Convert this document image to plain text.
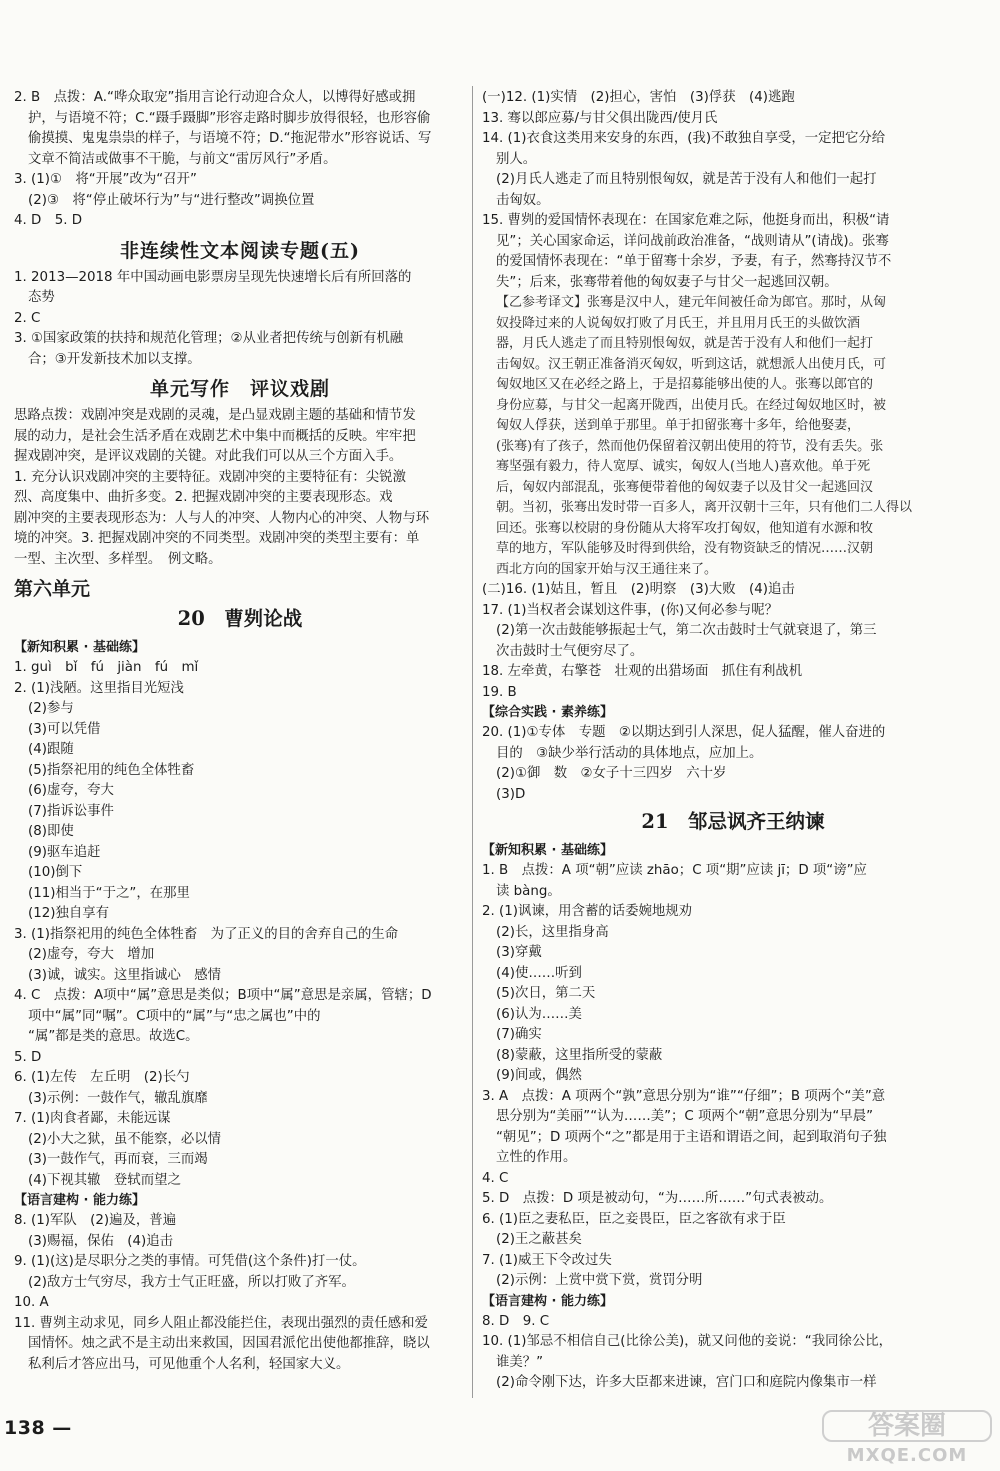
2. B　点拨：A.“哗众取宠”指用言论行动迎合众人，以博得好感或拥
护，与语境不符；C.“蹑手蹑脚”形容走路时脚步放得很轻，也形容偷
偷摸摸、鬼鬼祟祟的样子，与语境不符；D.“拖泥带水”形容说话、写
文章不简洁或做事不干脆，与前文“雷厉风行”矛盾。
3. (1)①　将“开展”改为“召开”
(2)③　将“停止破坏行为”与“进行整改”调换位置
4. D　5. D
非连续性文本阅读专题(五)
1. 2013—2018 年中国动画电影票房呈现先快速增长后有所回落的
态势
2. C
3. ①国家政策的扶持和规范化管理；②从业者把传统与创新有机融
合；③开发新技术加以支撑。
单元写作　评议戏剧
思路点拨：戏剧冲突是戏剧的灵魂，是凸显戏剧主题的基础和情节发
展的动力，是社会生活矛盾在戏剧艺术中集中而概括的反映。牢牢把
握戏剧冲突，是评议戏剧的关键。对此我们可以从三个方面入手。
1. 充分认识戏剧冲突的主要特征。戏剧冲突的主要特征有：尖锐激
烈、高度集中、曲折多变。2. 把握戏剧冲突的主要表现形态。戏
剧冲突的主要表现形态为：人与人的冲突、人物内心的冲突、人物与环
境的冲突。3. 把握戏剧冲突的不同类型。戏剧冲突的类型主要有：单
一型、主次型、多样型。　例文略。
第六单元
20　曹刿论战
【新知积累 · 基础练】
1. guì　bǐ　fú　jiàn　fú　mǐ
2. (1)浅陋。这里指目光短浅
(2)参与
(3)可以凭借
(4)跟随
(5)指祭祀用的纯色全体牲畜
(6)虚夸，夸大
(7)指诉讼事件
(8)即使
(9)驱车追赶
(10)倒下
(11)相当于“于之”，在那里
(12)独自享有
3. (1)指祭祀用的纯色全体牲畜　为了正义的目的舍弃自己的生命
(2)虚夸，夸大　增加
(3)诚，诚实。这里指诚心　感情
4. C　点拨：A项中“属”意思是类似；B项中“属”意思是亲属，管辖；D
项中“属”同“嘱”。C项中的“属”与“忠之属也”中的
“属”都是类的意思。故选C。
5. D
6. (1)左传　左丘明　(2)长勺
(3)示例：一鼓作气，辙乱旗靡
7. (1)肉食者鄙，未能远谋
(2)小大之狱，虽不能察，必以情
(3)一鼓作气，再而衰，三而竭
(4)下视其辙　登轼而望之
【语言建构 · 能力练】
8. (1)军队　(2)遍及，普遍
(3)赐福，保佑　(4)追击
9. (1)(这)是尽职分之类的事情。可凭借(这个条件)打一仗。
(2)敌方士气穷尽，我方士气正旺盛，所以打败了齐军。
10. A
11. 曹刿主动求见，同乡人阻止都没能拦住，表现出强烈的责任感和爱
国情怀。烛之武不是主动出来救国，因国君派佗出使他都推辞，晓以
私利后才答应出马，可见他重个人名利，轻国家大义。
(一)12. (1)实情　(2)担心，害怕　(3)俘获　(4)逃跑
13. 骞以郎应募/与甘父俱出陇西/使月氏
14. (1)衣食这类用来安身的东西，(我)不敢独自享受，一定把它分给
别人。
(2)月氏人逃走了而且特别恨匈奴，就是苦于没有人和他们一起打
击匈奴。
15. 曹刿的爱国情怀表现在：在国家危难之际，他挺身而出，积极“请
见”；关心国家命运，详问战前政治准备，“战则请从”(请战)。张骞
的爱国情怀表现在：“单于留骞十余岁，予妻，有子，然骞持汉节不
失”；后来，张骞带着他的匈奴妻子与甘父一起逃回汉朝。
【乙参考译文】张骞是汉中人，建元年间被任命为郎官。那时，从匈
奴投降过来的人说匈奴打败了月氏王，并且用月氏王的头做饮酒
器，月氏人逃走了而且特别恨匈奴，就是苦于没有人和他们一起打
击匈奴。汉王朝正准备消灭匈奴，听到这话，就想派人出使月氏，可
匈奴地区又在必经之路上，于是招募能够出使的人。张骞以郎官的
身份应募，与甘父一起离开陇西，出使月氏。在经过匈奴地区时，被
匈奴人俘获，送到单于那里。单于扣留张骞十多年，给他娶妻，
(张骞)有了孩子，然而他仍保留着汉朝出使用的符节，没有丢失。张
骞坚强有毅力，待人宽厚、诚实，匈奴人(当地人)喜欢他。单于死
后，匈奴内部混乱，张骞便带着他的匈奴妻子以及甘父一起逃回汉
朝。当初，张骞出发时带一百多人，离开汉朝十三年，只有他们二人得以
回还。张骞以校尉的身份随从大将军攻打匈奴，他知道有水源和牧
草的地方，军队能够及时得到供给，没有物资缺乏的情况……汉朝
西北方向的国家开始与汉王通往来了。
(二)16. (1)姑且，暂且　(2)明察　(3)大败　(4)追击
17. (1)当权者会谋划这件事，(你)又何必参与呢？
(2)第一次击鼓能够振起士气，第二次击鼓时士气就衰退了，第三
次击鼓时士气便穷尽了。
18. 左牵黄，右擎苍　壮观的出猎场面　抓住有利战机
19. B
【综合实践 · 素养练】
20. (1)①专体　专题　②以期达到引人深思，促人猛醒，催人奋进的
目的　③缺少举行活动的具体地点，应加上。
(2)①御　数　②女子十三四岁　六十岁
(3)D
21　邹忌讽齐王纳谏
【新知积累 · 基础练】
1. B　点拨：A 项“朝”应读 zhāo；C 项“期”应读 jī；D 项“谤”应
读 bàng。
2. (1)讽谏，用含蓄的话委婉地规劝
(2)长，这里指身高
(3)穿戴
(4)使……听到
(5)次日，第二天
(6)认为……美
(7)确实
(8)蒙蔽，这里指所受的蒙蔽
(9)间或，偶然
3. A　点拨：A 项两个“孰”意思分别为“谁”“仔细”；B 项两个“美”意
思分别为“美丽”“认为……美”；C 项两个“朝”意思分别为“早晨”
“朝见”；D 项两个“之”都是用于主语和谓语之间，起到取消句子独
立性的作用。
4. C
5. D　点拨：D 项是被动句，“为……所……”句式表被动。
6. (1)臣之妻私臣，臣之妾畏臣，臣之客欲有求于臣
(2)王之蔽甚矣
7. (1)威王下令改过失
(2)示例：上赏中赏下赏，赏罚分明
【语言建构 · 能力练】
8. D　9. C
10. (1)邹忌不相信自己(比徐公美)，就又问他的妾说：“我同徐公比，
谁美？”
(2)命令刚下达，许多大臣都来进谏，宫门口和庭院内像集市一样
138 —	答案圈
MXQE.COM
